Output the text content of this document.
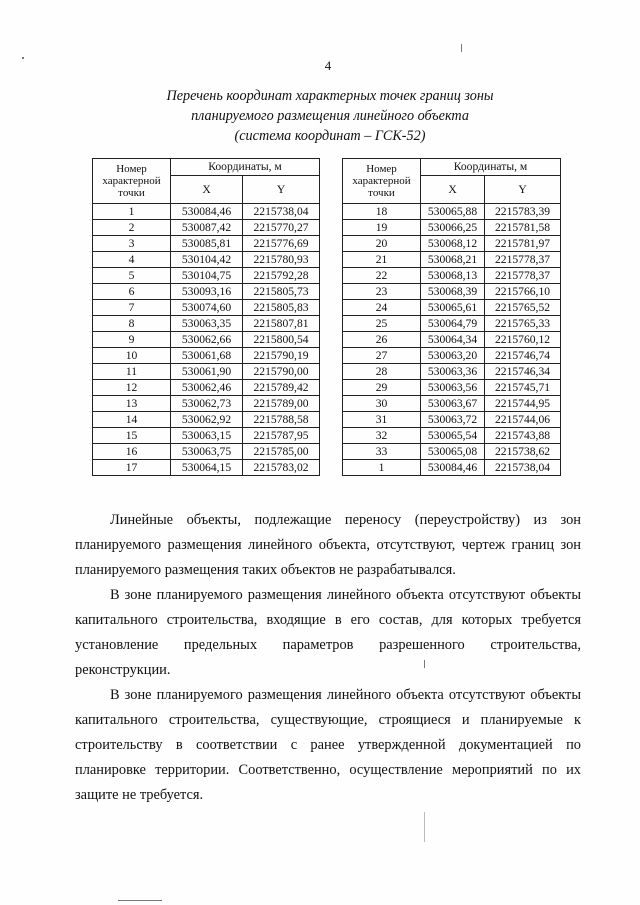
4
Перечень координат характерных точек границ зоны
планируемого размещения линейного объекта
(система координат – ГСК-52)
Номер характерной точки	Координаты, м	
	X	Y
1	530084,46	2215738,04
2	530087,42	2215770,27
3	530085,81	2215776,69
4	530104,42	2215780,93
5	530104,75	2215792,28
6	530093,16	2215805,73
7	530074,60	2215805,83
8	530063,35	2215807,81
9	530062,66	2215800,54
10	530061,68	2215790,19
11	530061,90	2215790,00
12	530062,46	2215789,42
13	530062,73	2215789,00
14	530062,92	2215788,58
15	530063,15	2215787,95
16	530063,75	2215785,00
17	530064,15	2215783,02
Номер характерной точки	Координаты, м	
	X	Y
18	530065,88	2215783,39
19	530066,25	2215781,58
20	530068,12	2215781,97
21	530068,21	2215778,37
22	530068,13	2215778,37
23	530068,39	2215766,10
24	530065,61	2215765,52
25	530064,79	2215765,33
26	530064,34	2215760,12
27	530063,20	2215746,74
28	530063,36	2215746,34
29	530063,56	2215745,71
30	530063,67	2215744,95
31	530063,72	2215744,06
32	530065,54	2215743,88
33	530065,08	2215738,62
1	530084,46	2215738,04

Линейные объекты, подлежащие переносу (переустройству) из зон планируемого размещения линейного объекта, отсутствуют, чертеж границ зон планируемого размещения таких объектов не разрабатывался.

В зоне планируемого размещения линейного объекта отсутствуют объекты капитального строительства, входящие в его состав, для которых требуется установление предельных параметров разрешенного строительства, реконструкции.

В зоне планируемого размещения линейного объекта отсутствуют объекты капитального строительства, существующие, строящиеся и планируемые к строительству в соответствии с ранее утвержденной документацией по планировке территории. Соответственно, осуществление мероприятий по их защите не требуется.
